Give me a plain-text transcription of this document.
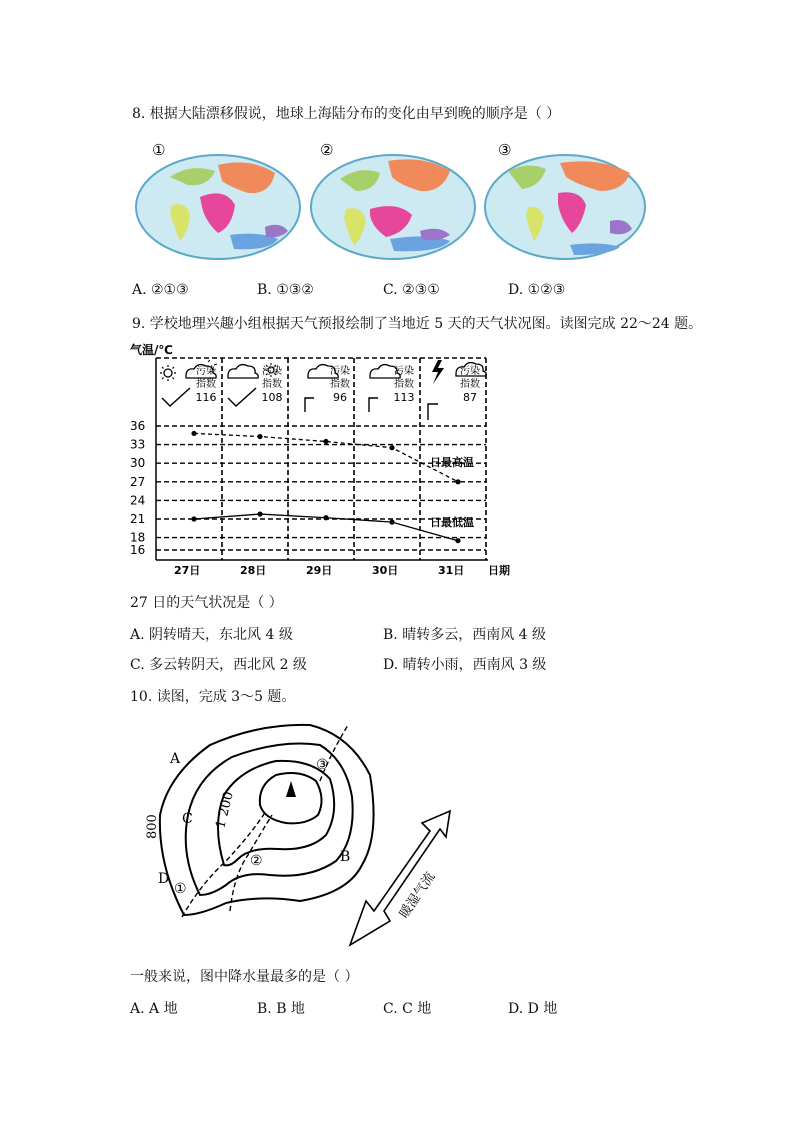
8. 根据大陆漂移假说，地球上海陆分布的变化由早到晚的顺序是（ ）
①	②	③
A. ②①③	B. ①③②	C. ②③①	D. ①②③
9. 学校地理兴趣小组根据天气预报绘制了当地近 5 天的天气状况图。读图完成 22～24 题。
气温/℃
日期
日最高温
日最低温
16
18
21
24
27
30
33
36
27日	28日	29日	30日	31日
污染
指数
116
污染
指数
108
污染
指数
96
污染
指数
113
污染
指数
87
27 日的天气状况是（ ）
A. 阴转晴天，东北风 4 级	B. 晴转多云，西南风 4 级
C. 多云转阴天，西北风 2 级	D. 晴转小雨，西南风 3 级
10. 读图，完成 3～5 题。
A
B
C
D
800	1 200
①
②
③
暖湿气流
一般来说，图中降水量最多的是（ ）
A. A 地	B. B 地	C. C 地	D. D 地
